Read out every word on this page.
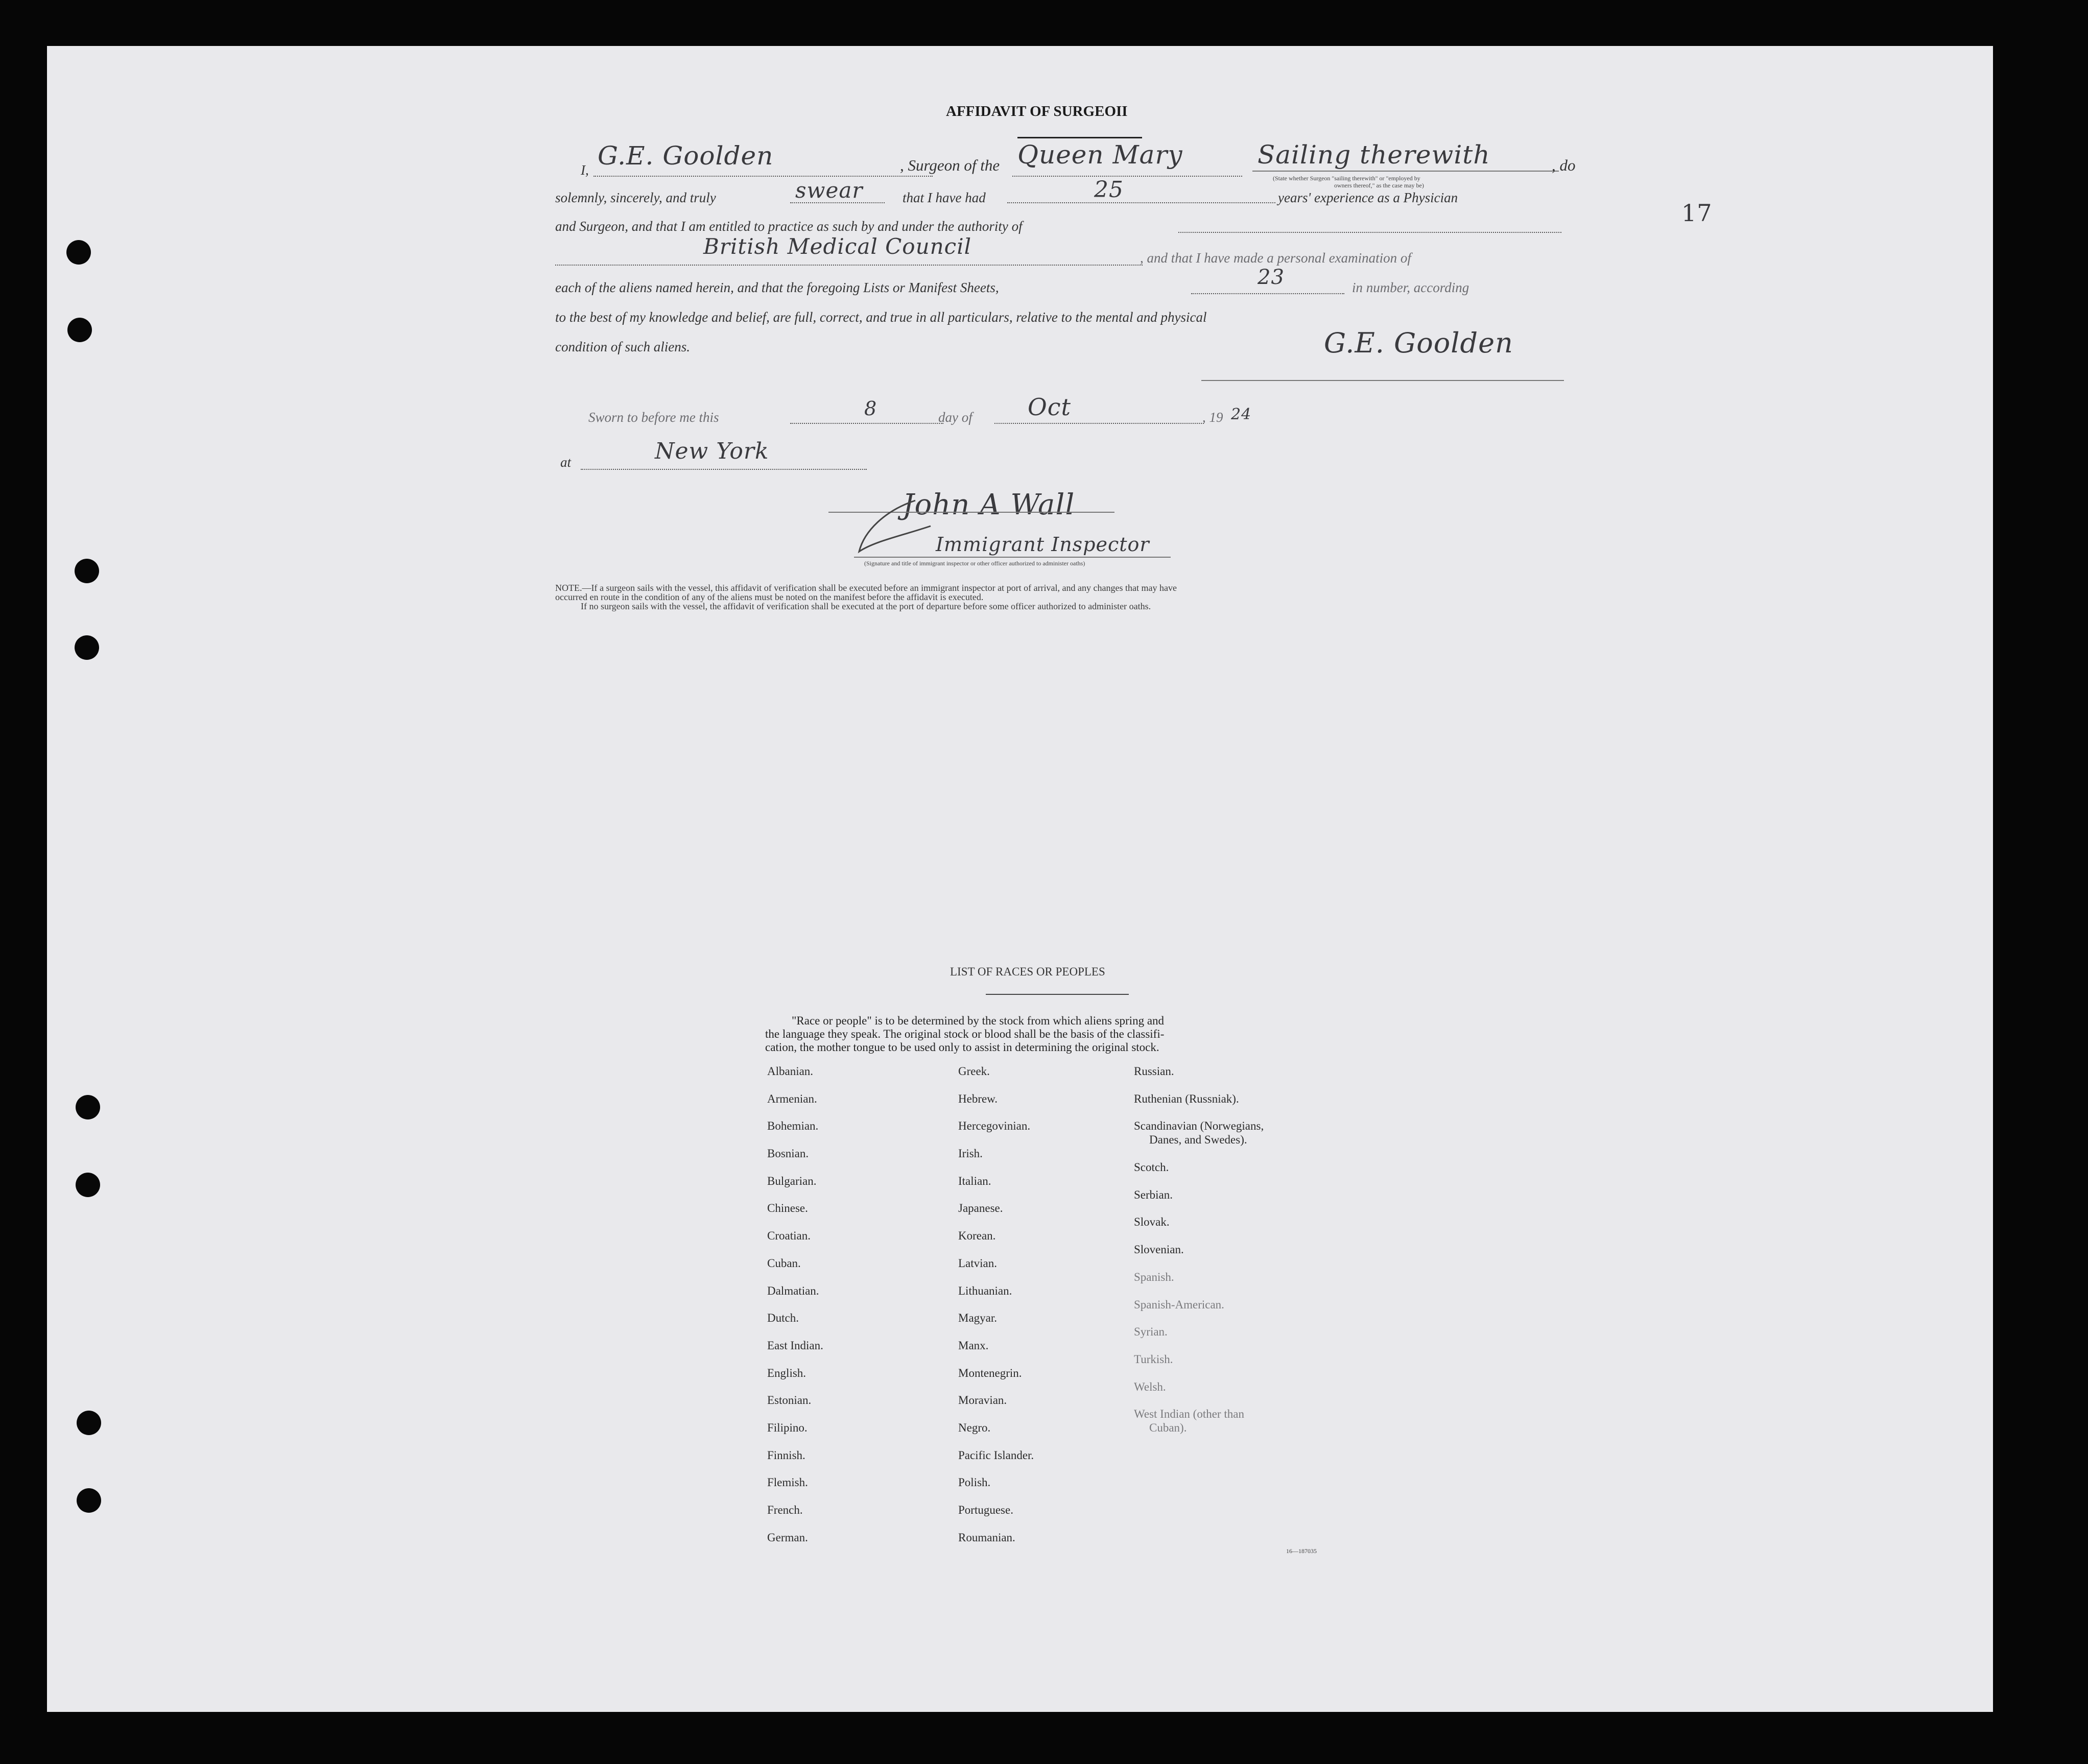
17
AFFIDAVIT OF SURGEOII
I, G.E. Goolden	, Surgeon of the Queen Mary	Sailing therewith
(State whether Surgeon "sailing therewith" or "employed by
owners thereof," as the case may be)
, do
solemnly, sincerely, and truly	swear	that I have had	25	years' experience as a Physician
and Surgeon, and that I am entitled to practice as such by and under the authority of
British Medical Council	, and that I have made a personal examination of
each of the aliens named herein, and that the foregoing Lists or Manifest Sheets,	23	in number, according
to the best of my knowledge and belief, are full, correct, and true in all particulars, relative to the mental and physical
condition of such aliens.	G.E. Goolden
Sworn to before me this	8	day of Oct	, 19 24
at	New York
John A Wall
Immigrant Inspector
(Signature and title of immigrant inspector or other officer authorized to administer oaths)
NOTE.—If a surgeon sails with the vessel, this affidavit of verification shall be executed before an immigrant inspector at port of arrival, and any changes that may have
occurred en route in the condition of any of the aliens must be noted on the manifest before the affidavit is executed.
If no surgeon sails with the vessel, the affidavit of verification shall be executed at the port of departure before some officer authorized to administer oaths.
LIST OF RACES OR PEOPLES
"Race or people" is to be determined by the stock from which aliens spring and
the language they speak. The original stock or blood shall be the basis of the classifi-
cation, the mother tongue to be used only to assist in determining the original stock.
Albanian.
Armenian.
Bohemian.
Bosnian.
Bulgarian.
Chinese.
Croatian.
Cuban.
Dalmatian.
Dutch.
East Indian.
English.
Estonian.
Filipino.
Finnish.
Flemish.
French.
German.
Greek.
Hebrew.
Hercegovinian.
Irish.
Italian.
Japanese.
Korean.
Latvian.
Lithuanian.
Magyar.
Manx.
Montenegrin.
Moravian.
Negro.
Pacific Islander.
Polish.
Portuguese.
Roumanian.
Russian.
Ruthenian (Russniak).
Scandinavian (Norwegians,
Danes, and Swedes).
Scotch.
Serbian.
Slovak.
Slovenian.
Spanish.
Spanish-American.
Syrian.
Turkish.
Welsh.
West Indian (other than
Cuban).
16—187035
